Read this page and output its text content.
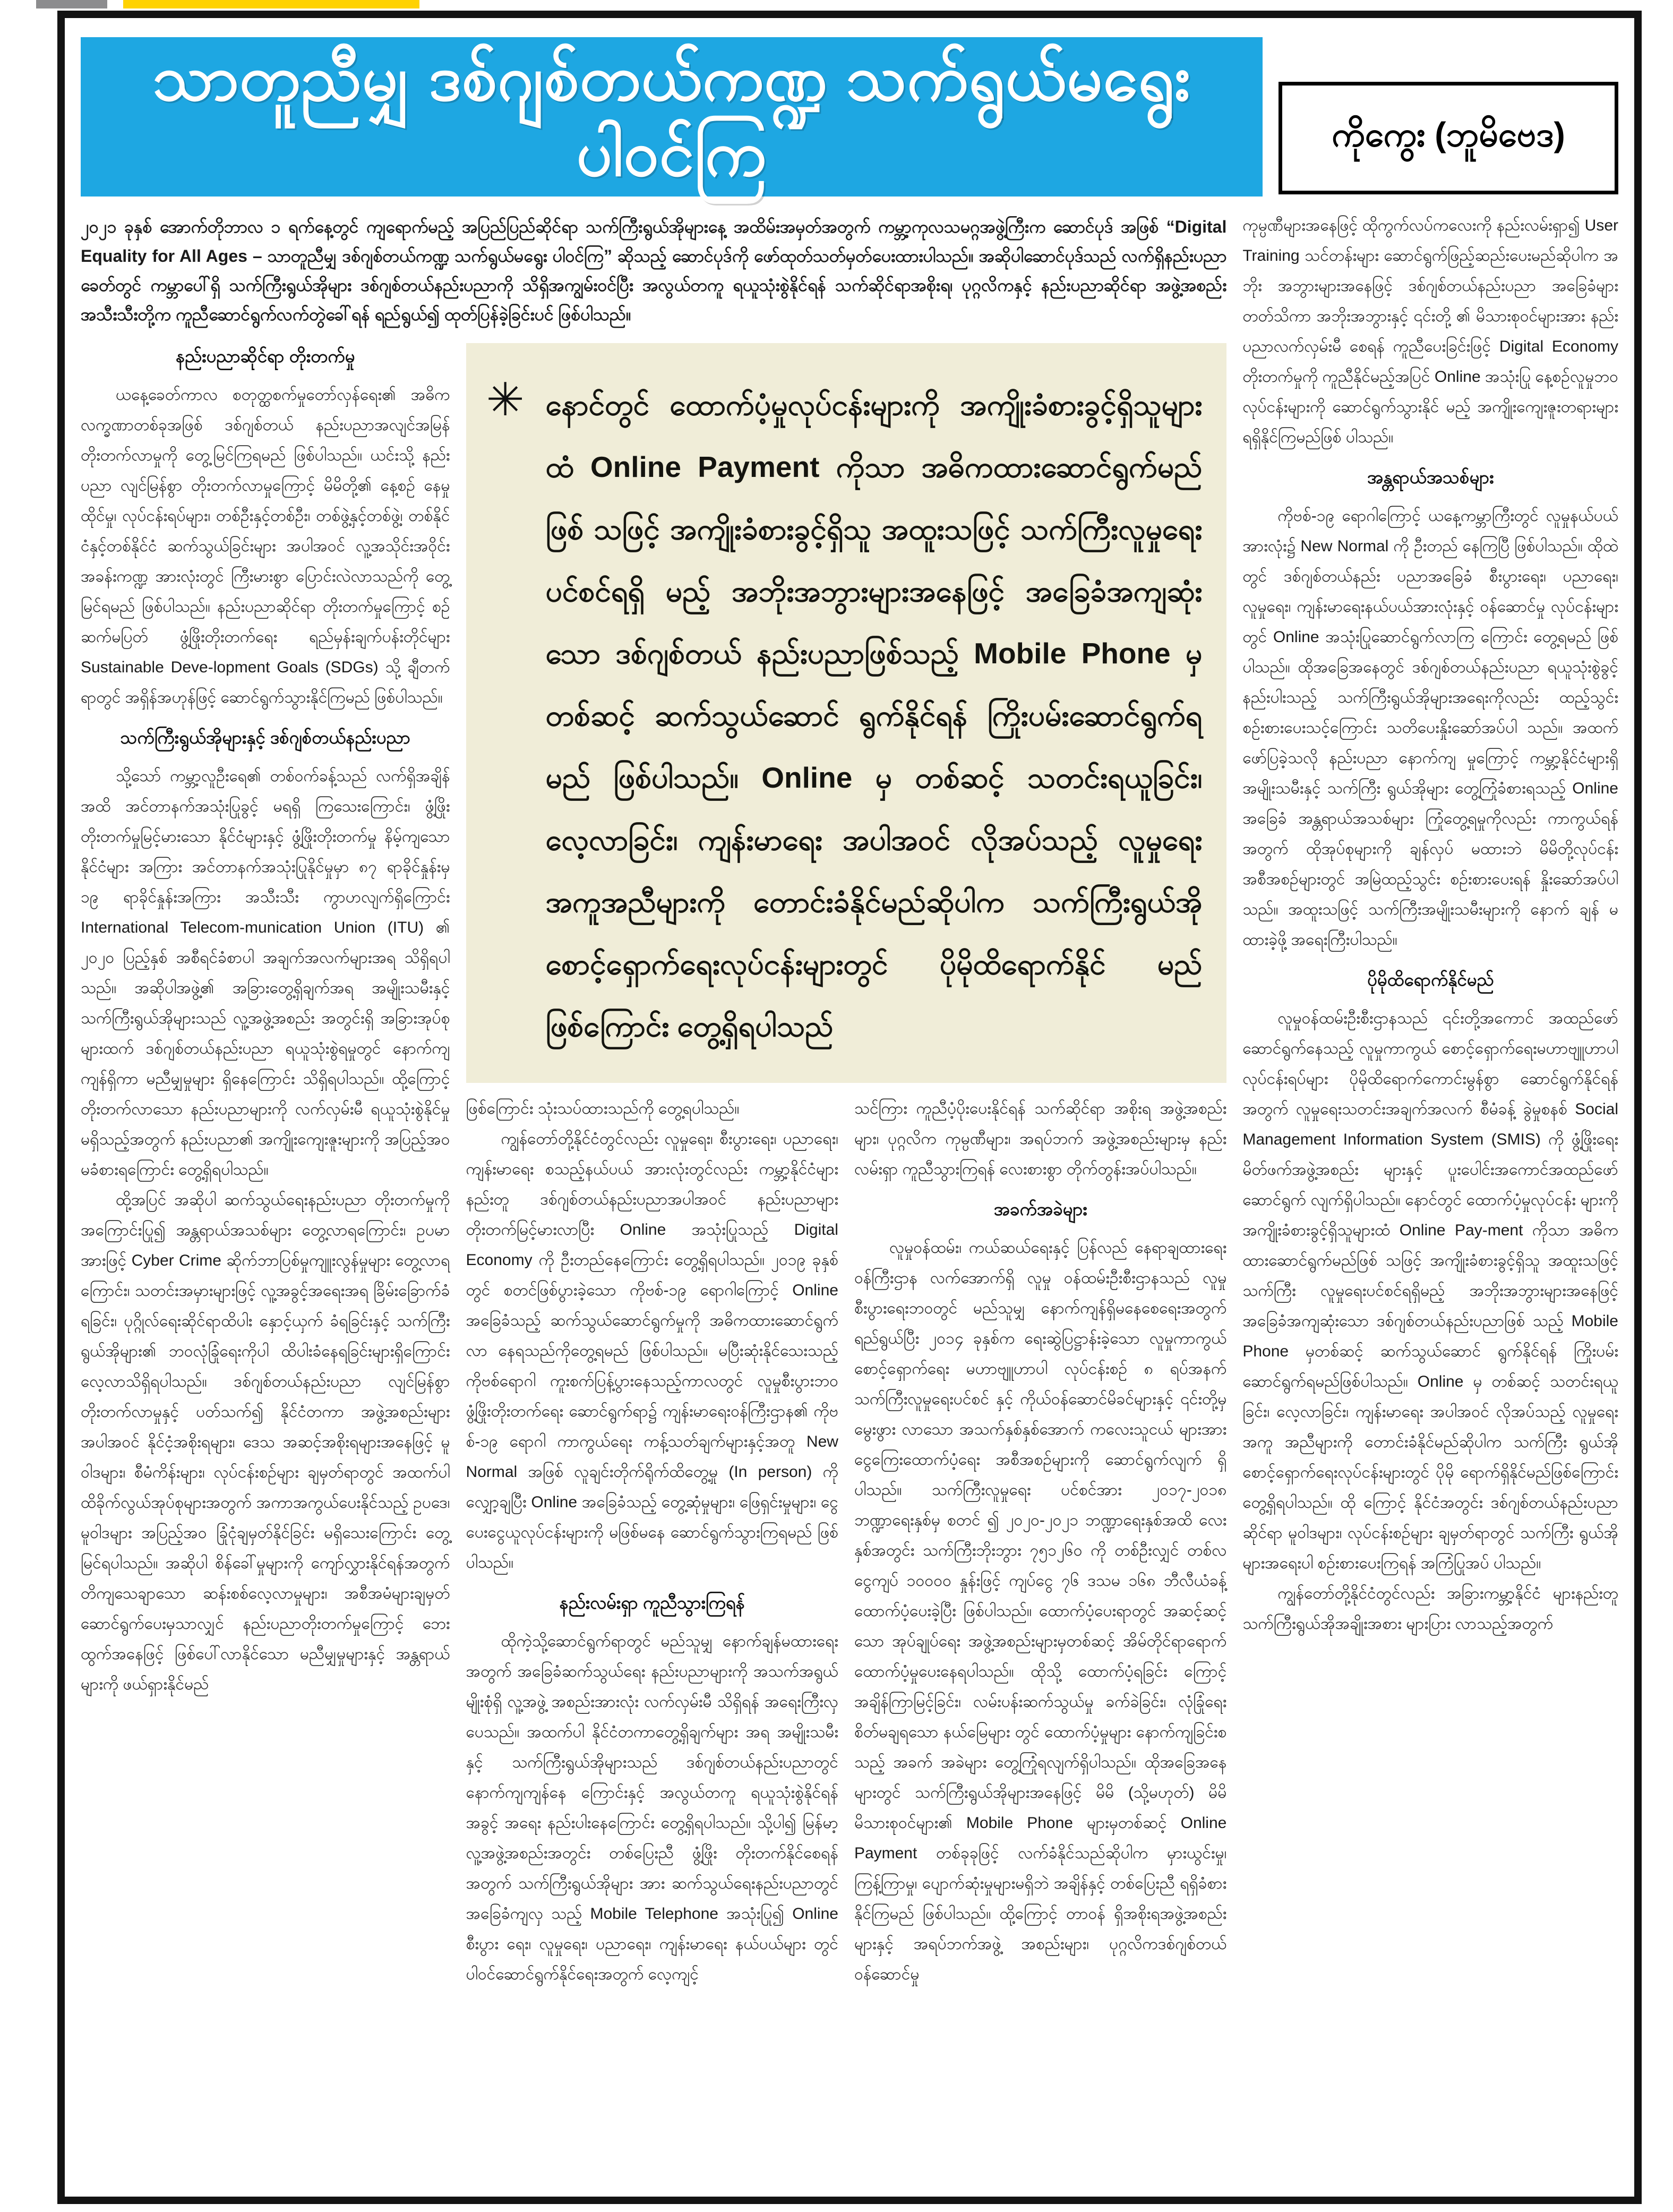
သာတူညီမျှ ဒစ်ဂျစ်တယ်ကဏ္ဍ သက်ရွယ်မရွေးပါဝင်ကြ	ကိုကွေး (ဘူမိဗေဒ)

၂၀၂၁ ခုနှစ် အောက်တိုဘာလ ၁ ရက်နေ့တွင် ကျရောက်မည့် အပြည်ပြည်ဆိုင်ရာ သက်ကြီးရွယ်အိုများနေ့ အထိမ်းအမှတ်အတွက် ကမ္ဘာ့ကုလသမဂ္ဂအဖွဲ့ကြီးက ဆောင်ပုဒ် အဖြစ် “Digital Equality for All Ages – သာတူညီမျှ ဒစ်ဂျစ်တယ်ကဏ္ဍ သက်ရွယ်မရွေး ပါဝင်ကြ” ဆိုသည့် ဆောင်ပုဒ်ကို ဖော်ထုတ်သတ်မှတ်ပေးထားပါသည်။ အဆိုပါဆောင်ပုဒ်သည် လက်ရှိနည်းပညာခေတ်တွင် ကမ္ဘာပေါ်ရှိ သက်ကြီးရွယ်အိုများ ဒစ်ဂျစ်တယ်နည်းပညာကို သိရှိအကျွမ်းဝင်ပြီး အလွယ်တကူ ရယူသုံးစွဲနိုင်ရန် သက်ဆိုင်ရာအစိုးရ၊ ပုဂ္ဂလိကနှင့် နည်းပညာဆိုင်ရာ အဖွဲ့အစည်းအသီးသီးတို့က ကူညီဆောင်ရွက်လက်တွဲခေါ်ရန် ရည်ရွယ်၍ ထုတ်ပြန်ခဲ့ခြင်းပင် ဖြစ်ပါသည်။

နည်းပညာဆိုင်ရာ တိုးတက်မှု

ယနေ့ခေတ်ကာလ စတုတ္ထစက်မှုတော်လှန်ရေး၏ အဓိကလက္ခဏာတစ်ခုအဖြစ် ဒစ်ဂျစ်တယ် နည်းပညာအလျင်အမြန် တိုးတက်လာမှုကို တွေ့မြင်ကြရမည် ဖြစ်ပါသည်။ ယင်းသို့ နည်းပညာ လျင်မြန်စွာ တိုးတက်လာမှုကြောင့် မိမိတို့၏ နေ့စဉ် နေမှုထိုင်မှု၊ လုပ်ငန်းရပ်များ၊ တစ်ဦးနှင့်တစ်ဦး၊ တစ်ဖွဲ့နှင့်တစ်ဖွဲ့၊ တစ်နိုင်ငံနှင့်တစ်နိုင်ငံ ဆက်သွယ်ခြင်းများ အပါအဝင် လူ့အသိုင်းအဝိုင်း အခန်းကဏ္ဍ အားလုံးတွင် ကြီးမားစွာ ပြောင်းလဲလာသည်ကို တွေ့မြင်ရမည် ဖြစ်ပါသည်။ နည်းပညာဆိုင်ရာ တိုးတက်မှုကြောင့် စဉ်ဆက်မပြတ် ဖွံ့ဖြိုးတိုးတက်ရေး ရည်မှန်းချက်ပန်းတိုင်များ Sustainable Deve-lopment Goals (SDGs) သို့ ချီတက်ရာတွင် အရှိန်အဟုန်ဖြင့် ဆောင်ရွက်သွားနိုင်ကြမည် ဖြစ်ပါသည်။

သက်ကြီးရွယ်အိုများနှင့် ဒစ်ဂျစ်တယ်နည်းပညာ

သို့သော် ကမ္ဘာ့လူဦးရေ၏ တစ်ဝက်ခန့်သည် လက်ရှိအချိန်အထိ အင်တာနက်အသုံးပြုခွင့် မရရှိ ကြသေးကြောင်း၊ ဖွံ့ဖြိုးတိုးတက်မှုမြင့်မားသော နိုင်ငံများနှင့် ဖွံ့ဖြိုးတိုးတက်မှု နိမ့်ကျသော နိုင်ငံများ အကြား အင်တာနက်အသုံးပြုနိုင်မှုမှာ ၈၇ ရာခိုင်နှုန်းမှ ၁၉ ရာခိုင်နှုန်းအကြား အသီးသီး ကွာဟလျက်ရှိကြောင်း International Telecom-munication Union (ITU) ၏ ၂၀၂၀ ပြည့်နှစ် အစီရင်ခံစာပါ အချက်အလက်များအရ သိရှိရပါ သည်။ အဆိုပါအဖွဲ့၏ အခြားတွေ့ရှိချက်အရ အမျိုးသမီးနှင့် သက်ကြီးရွယ်အိုများသည် လူ့အဖွဲ့အစည်း အတွင်းရှိ အခြားအုပ်စုများထက် ဒစ်ဂျစ်တယ်နည်းပညာ ရယူသုံးစွဲရမှုတွင် နောက်ကျကျန်ရှိကာ မညီမျှမှုများ ရှိနေကြောင်း သိရှိရပါသည်။ ထို့ကြောင့် တိုးတက်လာသော နည်းပညာများကို လက်လှမ်းမီ ရယူသုံးစွဲနိုင်မှု မရှိသည့်အတွက် နည်းပညာ၏ အကျိုးကျေးဇူးများကို အပြည့်အဝမခံစားရကြောင်း တွေ့ရှိရပါသည်။

ထို့အပြင် အဆိုပါ ဆက်သွယ်ရေးနည်းပညာ တိုးတက်မှုကိုအကြောင်းပြု၍ အန္တရာယ်အသစ်များ တွေ့လာရကြောင်း၊ ဥပမာအားဖြင့် Cyber Crime ဆိုက်ဘာပြစ်မှုကျူးလွန်မှုများ တွေ့လာရကြောင်း၊ သတင်းအမှားများဖြင့် လူ့အခွင့်အရေးအရ ခြိမ်းခြောက်ခံရခြင်း၊ ပုဂ္ဂိုလ်ရေးဆိုင်ရာထိပါး နှောင့်ယှက် ခံရခြင်းနှင့် သက်ကြီးရွယ်အိုများ၏ ဘဝလုံခြုံရေးကိုပါ ထိပါးခံနေရခြင်းများရှိကြောင်း လေ့လာသိရှိရပါသည်။ ဒစ်ဂျစ်တယ်နည်းပညာ လျင်မြန်စွာ တိုးတက်လာမှုနှင့် ပတ်သက်၍ နိုင်ငံတကာ အဖွဲ့အစည်းများ အပါအဝင် နိုင်ငံ့အစိုးရများ၊ ဒေသ အဆင့်အစိုးရများအနေဖြင့် မူဝါဒများ၊ စီမံကိန်းများ၊ လုပ်ငန်းစဉ်များ ချမှတ်ရာတွင် အထက်ပါ ထိခိုက်လွယ်အုပ်စုများအတွက် အကာအကွယ်ပေးနိုင်သည့် ဥပဒေ၊ မူဝါဒများ အပြည့်အဝ ခြုံငုံချမှတ်နိုင်ခြင်း မရှိသေးကြောင်း တွေ့မြင်ရပါသည်။ အဆိုပါ စိန်ခေါ်မှုများကို ကျော်လွှားနိုင်ရန်အတွက် တိကျသေချာသော ဆန်းစစ်လေ့လာမှုများ၊ အစီအမံများချမှတ် ဆောင်ရွက်ပေးမှသာလျှင် နည်းပညာတိုးတက်မှုကြောင့် ဘေးထွက်အနေဖြင့် ဖြစ်ပေါ်လာနိုင်သော မညီမျှမှုများနှင့် အန္တရာယ်များကို ဖယ်ရှားနိုင်မည်

✳ နောင်တွင် ထောက်ပံ့မှုလုပ်ငန်းများကို အကျိုးခံစားခွင့်ရှိသူများထံ Online Payment ကိုသာ အဓိကထားဆောင်ရွက်မည်ဖြစ် သဖြင့် အကျိုးခံစားခွင့်ရှိသူ အထူးသဖြင့် သက်ကြီးလူမှုရေးပင်စင်ရရှိ မည့် အဘိုးအဘွားများအနေဖြင့် အခြေခံအကျဆုံးသော ဒစ်ဂျစ်တယ် နည်းပညာဖြစ်သည့် Mobile Phone မှတစ်ဆင့် ဆက်သွယ်ဆောင် ရွက်နိုင်ရန် ကြိုးပမ်းဆောင်ရွက်ရမည် ဖြစ်ပါသည်။ Online မှ တစ်ဆင့် သတင်းရယူခြင်း၊ လေ့လာခြင်း၊ ကျန်းမာရေး အပါအဝင် လိုအပ်သည့် လူမှုရေးအကူအညီများကို တောင်းခံနိုင်မည်ဆိုပါက သက်ကြီးရွယ်အို စောင့်ရှောက်ရေးလုပ်ငန်းများတွင် ပိုမိုထိရောက်နိုင် မည်ဖြစ်ကြောင်း တွေ့ရှိရပါသည်

ဖြစ်ကြောင်း သုံးသပ်ထားသည်ကို တွေ့ရပါသည်။

ကျွန်တော်တို့နိုင်ငံတွင်လည်း လူမှုရေး၊ စီးပွားရေး၊ ပညာရေး၊ ကျန်းမာရေး စသည့်နယ်ပယ် အားလုံးတွင်လည်း ကမ္ဘာ့နိုင်ငံများနည်းတူ ဒစ်ဂျစ်တယ်နည်းပညာအပါအဝင် နည်းပညာများ တိုးတက်မြင့်မားလာပြီး Online အသုံးပြုသည့် Digital Economy ကို ဦးတည်နေကြောင်း တွေ့ရှိရပါသည်။ ၂၀၁၉ ခုနှစ်တွင် စတင်ဖြစ်ပွားခဲ့သော ကိုဗစ်-၁၉ ရောဂါကြောင့် Online အခြေခံသည့် ဆက်သွယ်ဆောင်ရွက်မှုကို အဓိကထားဆောင်ရွက်လာ နေရသည်ကိုတွေ့ရမည် ဖြစ်ပါသည်။ မပြီးဆုံးနိုင်သေးသည့် ကိုဗစ်ရောဂါ ကူးစက်ပြန့်ပွားနေသည့်ကာလတွင် လူမှုစီးပွားဘဝ ဖွံ့ဖြိုးတိုးတက်ရေး ဆောင်ရွက်ရာ၌ ကျန်းမာရေးဝန်ကြီးဌာန၏ ကိုဗစ်-၁၉ ရောဂါ ကာကွယ်ရေး ကန့်သတ်ချက်များနှင့်အတူ New Normal အဖြစ် လူချင်းတိုက်ရိုက်ထိတွေ့မှု (In person) ကိုလျှော့ချပြီး Online အခြေခံသည့် တွေ့ဆုံမှုများ၊ ဖြေရှင်းမှုများ၊ ငွေပေးငွေယူလုပ်ငန်းများကို မဖြစ်မနေ ဆောင်ရွက်သွားကြရမည် ဖြစ်ပါသည်။

နည်းလမ်းရှာ ကူညီသွားကြရန်

ထိုကဲ့သို့ဆောင်ရွက်ရာတွင် မည်သူမျှ နောက်ချန်မထားရေးအတွက် အခြေခံဆက်သွယ်ရေး နည်းပညာများကို အသက်အရွယ်မျိုးစုံရှိ လူ့အဖွဲ့ အစည်းအားလုံး လက်လှမ်းမီ သိရှိရန် အရေးကြီးလှပေသည်။ အထက်ပါ နိုင်ငံတကာတွေ့ရှိချက်များ အရ အမျိုးသမီးနှင့် သက်ကြီးရွယ်အိုများသည် ဒစ်ဂျစ်တယ်နည်းပညာတွင် နောက်ကျကျန်နေ ကြောင်းနှင့် အလွယ်တကူ ရယူသုံးစွဲနိုင်ရန် အခွင့် အရေး နည်းပါးနေကြောင်း တွေ့ရှိရပါသည်။ သို့ပါ၍ မြန်မာ့လူ့အဖွဲ့အစည်းအတွင်း တစ်ပြေးညီ ဖွံ့ဖြိုး တိုးတက်နိုင်စေရန်အတွက် သက်ကြီးရွယ်အိုများ အား ဆက်သွယ်ရေးနည်းပညာတွင် အခြေခံကျလှ သည့် Mobile Telephone အသုံးပြု၍ Online စီးပွား ရေး၊ လူမှုရေး၊ ပညာရေး၊ ကျန်းမာရေး နယ်ပယ်များ တွင် ပါဝင်ဆောင်ရွက်နိုင်ရေးအတွက် လေ့ကျင့်

သင်ကြား ကူညီပံ့ပိုးပေးနိုင်ရန် သက်ဆိုင်ရာ အစိုးရ အဖွဲ့အစည်းများ၊ ပုဂ္ဂလိက ကုမ္ပဏီများ၊ အရပ်ဘက် အဖွဲ့အစည်းများမှ နည်းလမ်းရှာ ကူညီသွားကြရန် လေးစားစွာ တိုက်တွန်းအပ်ပါသည်။

အခက်အခဲများ

လူမှုဝန်ထမ်း၊ ကယ်ဆယ်ရေးနှင့် ပြန်လည် နေရာချထားရေးဝန်ကြီးဌာန လက်အောက်ရှိ လူမှု ဝန်ထမ်းဦးစီးဌာနသည် လူမှုစီးပွားရေးဘဝတွင် မည်သူမျှ နောက်ကျန်ရှိမနေစေရေးအတွက် ရည်ရွယ်ပြီး ၂၀၁၄ ခုနှစ်က ရေးဆွဲပြဋ္ဌာန်းခဲ့သော လူမှုကာကွယ်စောင့်ရှောက်ရေး မဟာဗျူဟာပါ လုပ်ငန်းစဉ် ၈ ရပ်အနက် သက်ကြီးလူမှုရေးပင်စင် နှင့် ကိုယ်ဝန်ဆောင်မိခင်များနှင့် ၎င်းတို့မှမွေးဖွား လာသော အသက်နှစ်နှစ်အောက် ကလေးသူငယ် များအား ငွေကြေးထောက်ပံ့ရေး အစီအစဉ်များကို ဆောင်ရွက်လျက် ရှိပါသည်။ သက်ကြီးလူမှုရေး ပင်စင်အား ၂၀၁၇-၂၀၁၈ ဘဏ္ဍာရေးနှစ်မှ စတင် ၍ ၂၀၂၀-၂၀၂၁ ဘဏ္ဍာရေးနှစ်အထိ လေးနှစ်အတွင်း သက်ကြီးဘိုးဘွား ၇၅၁၂၆၀ ကို တစ်ဦးလျှင် တစ်လ ငွေကျပ် ၁၀၀၀၀ နှုန်းဖြင့် ကျပ်ငွေ ၇၆ ဒသမ ၁၆၈ ဘီလီယံခန့် ထောက်ပံ့ပေးခဲ့ပြီး ဖြစ်ပါသည်။ ထောက်ပံ့ပေးရာတွင် အဆင့်ဆင့်သော အုပ်ချုပ်ရေး အဖွဲ့အစည်းများမှတစ်ဆင့် အိမ်တိုင်ရာရောက် ထောက်ပံ့မှုပေးနေရပါသည်။ ထိုသို့ ထောက်ပံ့ရခြင်း ကြောင့် အချိန်ကြာမြင့်ခြင်း၊ လမ်းပန်းဆက်သွယ်မှု ခက်ခဲခြင်း၊ လုံခြုံရေး စိတ်မချရသော နယ်မြေများ တွင် ထောက်ပံ့မှုများ နောက်ကျခြင်းစသည့် အခက် အခဲများ တွေ့ကြုံရလျက်ရှိပါသည်။ ထိုအခြေအနေ များတွင် သက်ကြီးရွယ်အိုများအနေဖြင့် မိမိ (သို့မဟုတ်) မိမိ မိသားစုဝင်များ၏ Mobile Phone များမှတစ်ဆင့် Online Payment တစ်ခုခုဖြင့် လက်ခံနိုင်သည်ဆိုပါက မှားယွင်းမှု၊ ကြန့်ကြာမှု၊ ပျောက်ဆုံးမှုများမရှိဘဲ အချိန်နှင့် တစ်ပြေးညီ ရရှိခံစားနိုင်ကြမည် ဖြစ်ပါသည်။ ထို့ကြောင့် တာဝန် ရှိအစိုးရအဖွဲ့အစည်းများနှင့် အရပ်ဘက်အဖွဲ့ အစည်းများ၊ ပုဂ္ဂလိကဒစ်ဂျစ်တယ်ဝန်ဆောင်မှု

ကုမ္ပဏီများအနေဖြင့် ထိုကွက်လပ်ကလေးကို နည်းလမ်းရှာ၍ User Training သင်တန်းများ ဆောင်ရွက်ဖြည့်ဆည်းပေးမည်ဆိုပါက အဘိုး အဘွားများအနေဖြင့် ဒစ်ဂျစ်တယ်နည်းပညာ အခြေခံများ တတ်သိကာ အဘိုးအဘွားနှင့် ၎င်းတို့ ၏ မိသားစုဝင်များအား နည်းပညာလက်လှမ်းမီ စေရန် ကူညီပေးခြင်းဖြင့် Digital Economy တိုးတက်မှုကို ကူညီနိုင်မည့်အပြင် Online အသုံးပြု နေ့စဉ်လူမှုဘဝလုပ်ငန်းများကို ဆောင်ရွက်သွားနိုင် မည့် အကျိုးကျေးဇူးတရားများ ရရှိနိုင်ကြမည်ဖြစ် ပါသည်။

အန္တရာယ်အသစ်များ

ကိုဗစ်-၁၉ ရောဂါကြောင့် ယနေ့ကမ္ဘာကြီးတွင် လူမှုနယ်ပယ်အားလုံး၌ New Normal ကို ဦးတည် နေကြပြီ ဖြစ်ပါသည်။ ထိုထဲတွင် ဒစ်ဂျစ်တယ်နည်း ပညာအခြေခံ စီးပွားရေး၊ ပညာရေး၊ လူမှုရေး၊ ကျန်းမာရေးနယ်ပယ်အားလုံးနှင့် ဝန်ဆောင်မှု လုပ်ငန်းများတွင် Online အသုံးပြုဆောင်ရွက်လာကြ ကြောင်း တွေ့ရမည် ဖြစ်ပါသည်။ ထိုအခြေအနေတွင် ဒစ်ဂျစ်တယ်နည်းပညာ ရယူသုံးစွဲခွင့် နည်းပါးသည့် သက်ကြီးရွယ်အိုများအရေးကိုလည်း ထည့်သွင်း စဉ်းစားပေးသင့်ကြောင်း သတိပေးနှိုးဆော်အပ်ပါ သည်။ အထက်ဖော်ပြခဲ့သလို နည်းပညာ နောက်ကျ မှုကြောင့် ကမ္ဘာ့နိုင်ငံများရှိ အမျိုးသမီးနှင့် သက်ကြီး ရွယ်အိုများ တွေ့ကြုံခံစားရသည့် Online အခြေခံ အန္တရာယ်အသစ်များ ကြုံတွေ့ရမှုကိုလည်း ကာကွယ်ရန်အတွက် ထိုအုပ်စုများကို ချန်လှပ် မထားဘဲ မိမိတို့လုပ်ငန်း အစီအစဉ်များတွင် အမြဲထည့်သွင်း စဉ်းစားပေးရန် နှိုးဆော်အပ်ပါ သည်။ အထူးသဖြင့် သက်ကြီးအမျိုးသမီးများကို နောက် ချန် မထားခဲ့ဖို့ အရေးကြီးပါသည်။

ပိုမိုထိရောက်နိုင်မည်

လူမှုဝန်ထမ်းဦးစီးဌာနသည် ၎င်းတို့အကောင် အထည်ဖော်ဆောင်ရွက်နေသည့် လူမှုကာကွယ် စောင့်ရှောက်ရေးမဟာဗျူဟာပါ လုပ်ငန်းရပ်များ ပိုမိုထိရောက်ကောင်းမွန်စွာ ဆောင်ရွက်နိုင်ရန် အတွက် လူမှုရေးသတင်းအချက်အလက် စီမံခန့် ခွဲမှုစနစ် Social Management Information System (SMIS) ကို ဖွံ့ဖြိုးရေး မိတ်ဖက်အဖွဲ့အစည်း များနှင့် ပူးပေါင်းအကောင်အထည်ဖော် ဆောင်ရွက် လျက်ရှိပါသည်။ နောင်တွင် ထောက်ပံ့မှုလုပ်ငန်း များကို အကျိုးခံစားခွင့်ရှိသူများထံ Online Pay-ment ကိုသာ အဓိကထားဆောင်ရွက်မည်ဖြစ် သဖြင့် အကျိုးခံစားခွင့်ရှိသူ အထူးသဖြင့် သက်ကြီး လူမှုရေးပင်စင်ရရှိမည့် အဘိုးအဘွားများအနေဖြင့် အခြေခံအကျဆုံးသော ဒစ်ဂျစ်တယ်နည်းပညာဖြစ် သည့် Mobile Phone မှတစ်ဆင့် ဆက်သွယ်ဆောင် ရွက်နိုင်ရန် ကြိုးပမ်းဆောင်ရွက်ရမည်ဖြစ်ပါသည်။ Online မှ တစ်ဆင့် သတင်းရယူခြင်း၊ လေ့လာခြင်း၊ ကျန်းမာရေး အပါအဝင် လိုအပ်သည့် လူမှုရေး အကူ အညီများကို တောင်းခံနိုင်မည်ဆိုပါက သက်ကြီး ရွယ်အို စောင့်ရှောက်ရေးလုပ်ငန်းများတွင် ပိုမို ရောက်ရှိနိုင်မည်ဖြစ်ကြောင်း တွေ့ရှိရပါသည်။ ထို ကြောင့် နိုင်ငံအတွင်း ဒစ်ဂျစ်တယ်နည်းပညာဆိုင်ရာ မူဝါဒများ၊ လုပ်ငန်းစဉ်များ ချမှတ်ရာတွင် သက်ကြီး ရွယ်အိုများအရေးပါ စဉ်းစားပေးကြရန် အကြံပြုအပ် ပါသည်။

ကျွန်တော်တို့နိုင်ငံတွင်လည်း အခြားကမ္ဘာ့နိုင်ငံ များနည်းတူ သက်ကြီးရွယ်အိုအချိုးအစား များပြား လာသည့်အတွက်
